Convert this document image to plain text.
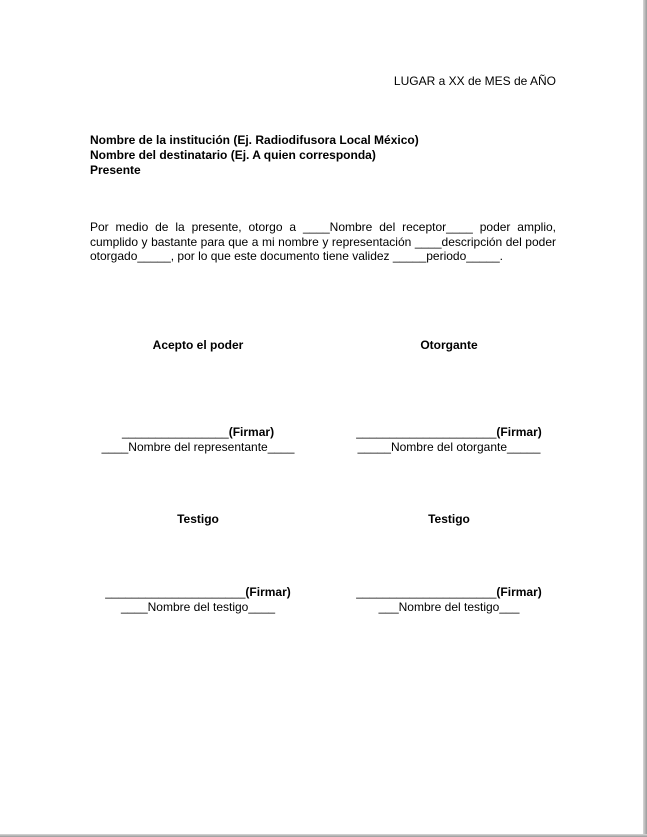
LUGAR a XX de MES de AÑO
Nombre de la institución (Ej. Radiodifusora Local México)
Nombre del destinatario (Ej. A quien corresponda)
Presente
Por medio de la presente, otorgo a ____Nombre del receptor____ poder amplio, cumplido y bastante para que a mi nombre y representación ____descripción del poder otorgado_____, por lo que este documento tiene validez _____periodo_____.
Acepto el poder	Otorgante
________________(Firmar)
____Nombre del representante____
_____________________(Firmar)
_____Nombre del otorgante_____
Testigo	Testigo
_____________________(Firmar)
____Nombre del testigo____
_____________________(Firmar)
___Nombre del testigo___
